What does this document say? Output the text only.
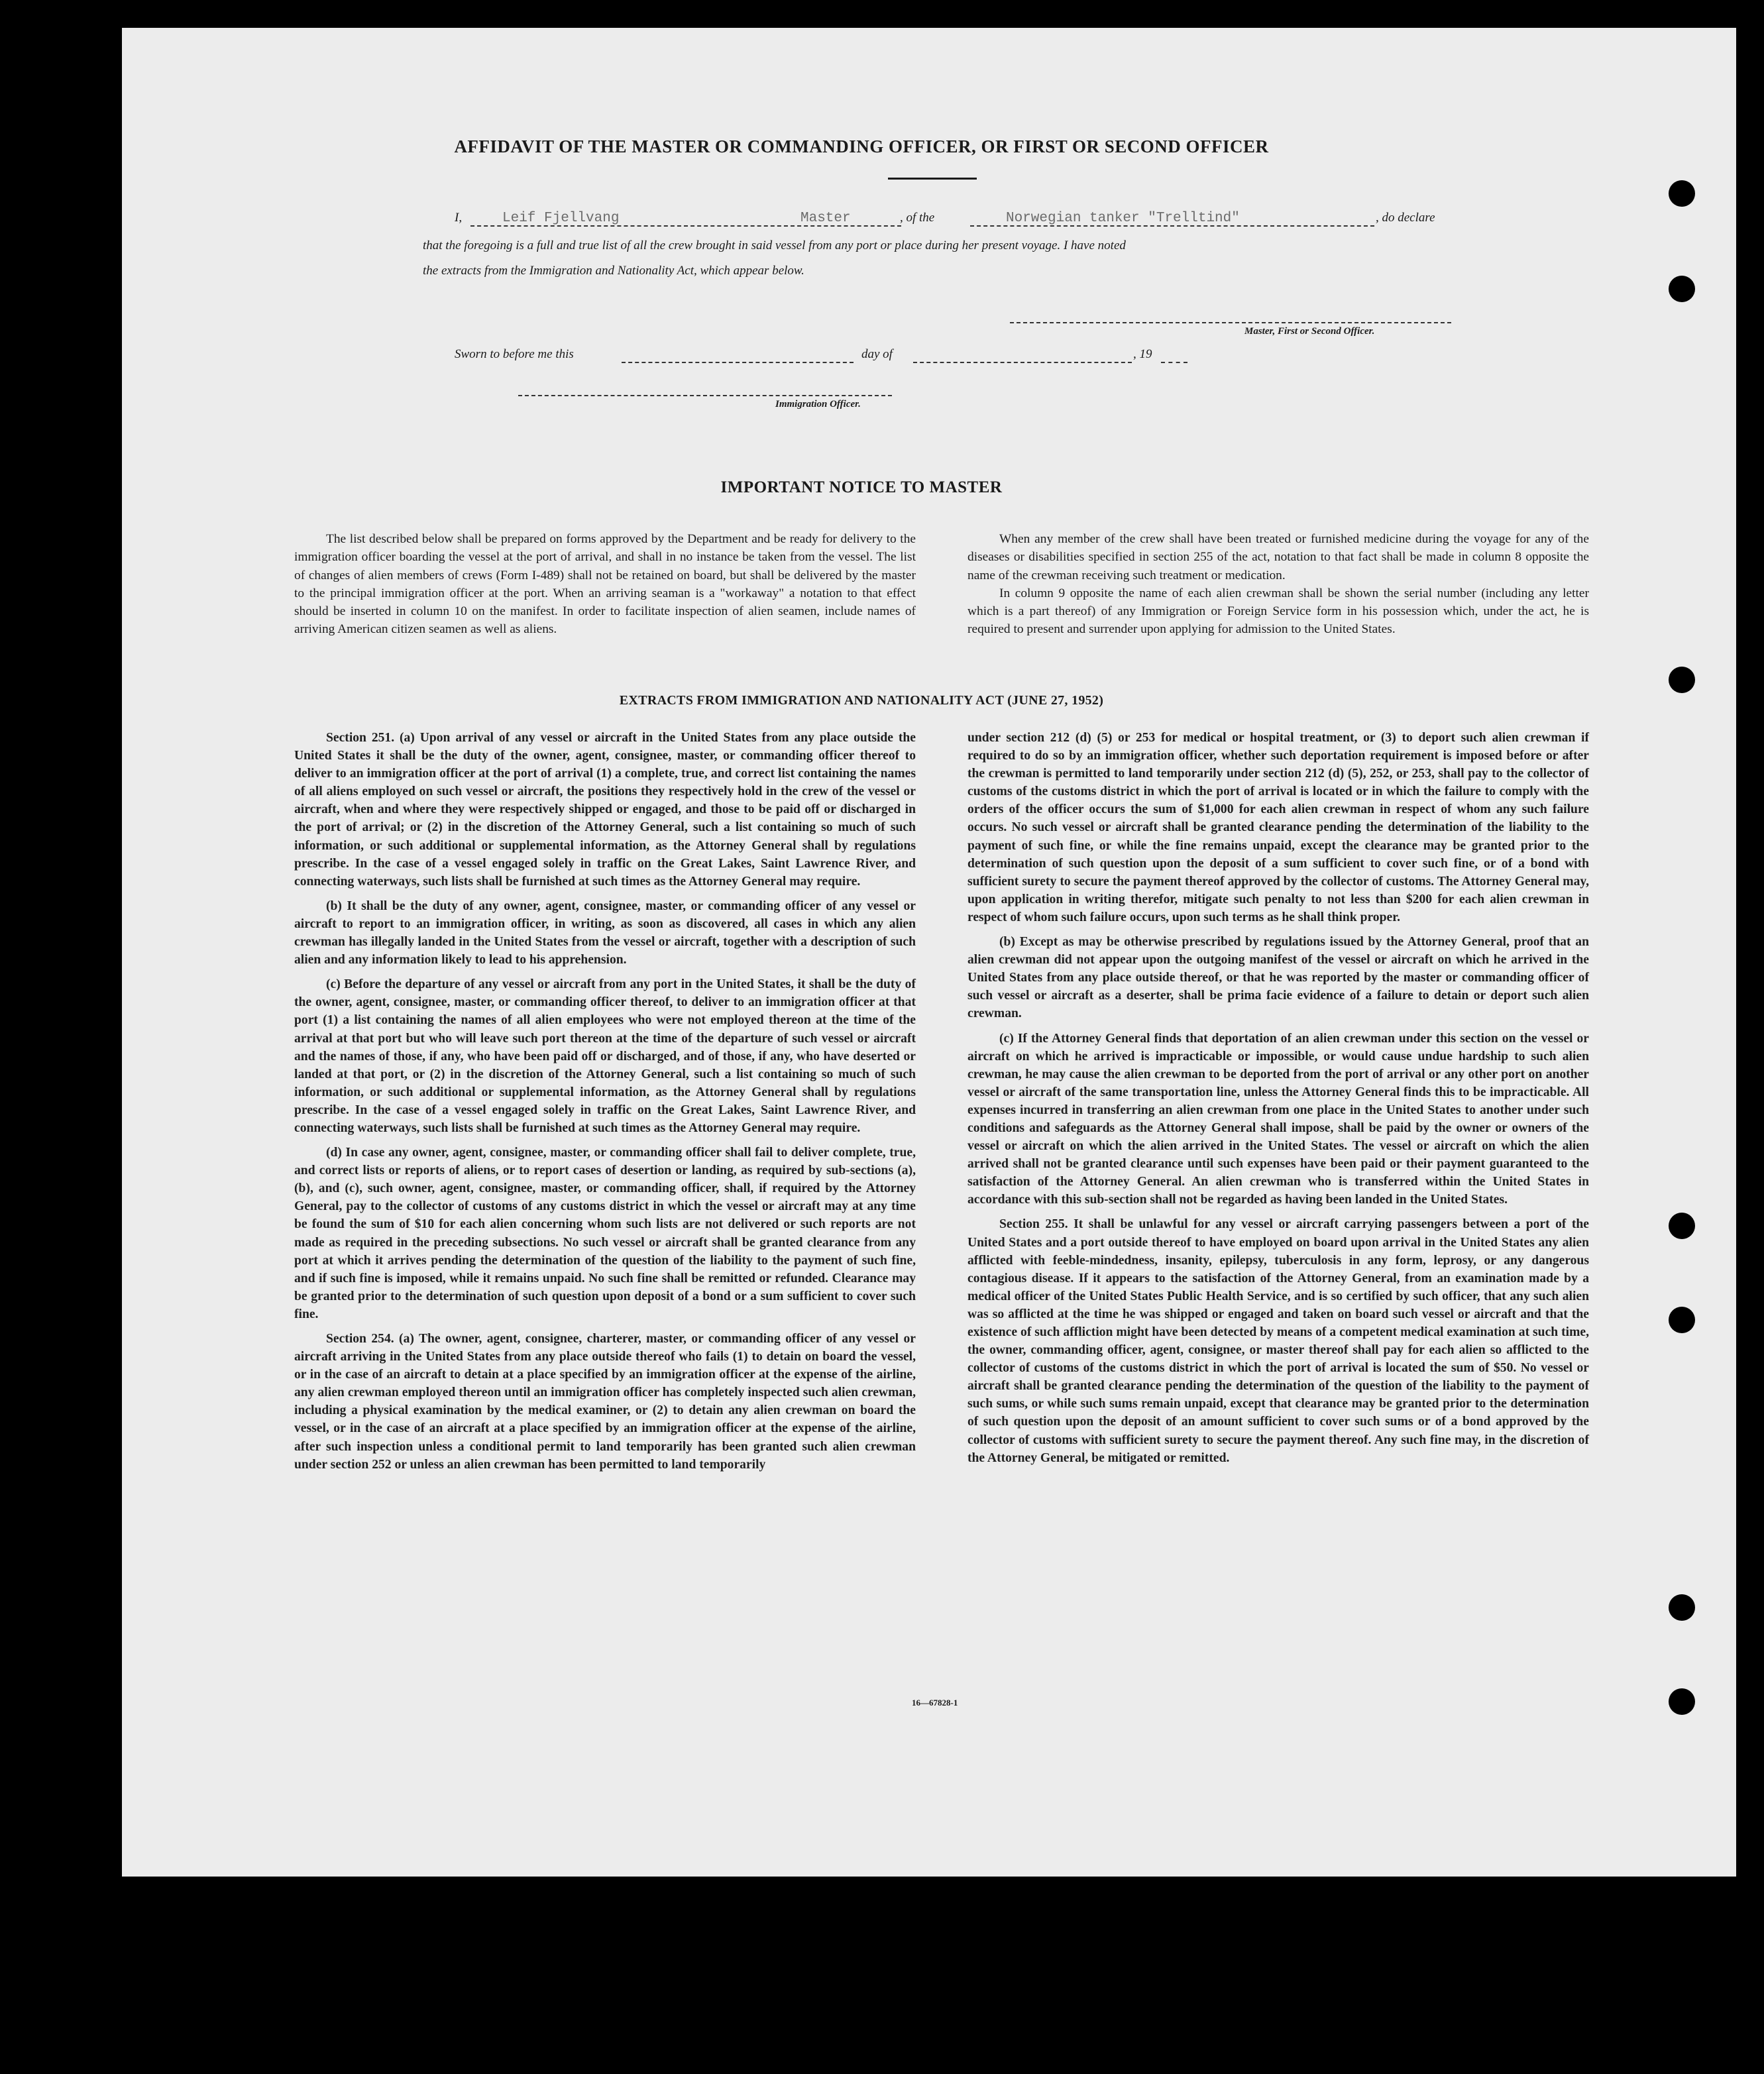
AFFIDAVIT OF THE MASTER OR COMMANDING OFFICER, OR FIRST OR SECOND OFFICER
I,	Leif Fjellvang	Master	, of the	Norwegian tanker "Trelltind"	, do declare
that the foregoing is a full and true list of all the crew brought in said vessel from any port or place during her present voyage. I have noted
the extracts from the Immigration and Nationality Act, which appear below.
Master, First or Second Officer.
Sworn to before me this	day of	, 19
Immigration Officer.
IMPORTANT NOTICE TO MASTER

The list described below shall be prepared on forms approved by the Department and be ready for delivery to the immigration officer boarding the vessel at the port of arrival, and shall in no instance be taken from the vessel. The list of changes of alien members of crews (Form I-489) shall not be retained on board, but shall be delivered by the master to the principal immigration officer at the port. When an arriving seaman is a "workaway" a notation to that effect should be inserted in column 10 on the manifest. In order to facilitate inspection of alien seamen, include names of arriving American citizen seamen as well as aliens.

When any member of the crew shall have been treated or furnished medicine during the voyage for any of the diseases or disabilities specified in section 255 of the act, notation to that fact shall be made in column 8 opposite the name of the crewman receiving such treatment or medication.

In column 9 opposite the name of each alien crewman shall be shown the serial number (including any letter which is a part thereof) of any Immigration or Foreign Service form in his possession which, under the act, he is required to present and surrender upon applying for admission to the United States.

EXTRACTS FROM IMMIGRATION AND NATIONALITY ACT (JUNE 27, 1952)

Section 251. (a) Upon arrival of any vessel or aircraft in the United States from any place outside the United States it shall be the duty of the owner, agent, consignee, master, or commanding officer thereof to deliver to an immigration officer at the port of arrival (1) a complete, true, and correct list containing the names of all aliens employed on such vessel or aircraft, the positions they respectively hold in the crew of the vessel or aircraft, when and where they were respectively shipped or engaged, and those to be paid off or discharged in the port of arrival; or (2) in the discretion of the Attorney General, such a list containing so much of such information, or such additional or supplemental information, as the Attorney General shall by regulations prescribe. In the case of a vessel engaged solely in traffic on the Great Lakes, Saint Lawrence River, and connecting waterways, such lists shall be furnished at such times as the Attorney General may require.

(b) It shall be the duty of any owner, agent, consignee, master, or commanding officer of any vessel or aircraft to report to an immigration officer, in writing, as soon as discovered, all cases in which any alien crewman has illegally landed in the United States from the vessel or aircraft, together with a description of such alien and any information likely to lead to his apprehension.

(c) Before the departure of any vessel or aircraft from any port in the United States, it shall be the duty of the owner, agent, consignee, master, or commanding officer thereof, to deliver to an immigration officer at that port (1) a list containing the names of all alien employees who were not employed thereon at the time of the arrival at that port but who will leave such port thereon at the time of the departure of such vessel or aircraft and the names of those, if any, who have been paid off or discharged, and of those, if any, who have deserted or landed at that port, or (2) in the discretion of the Attorney General, such a list containing so much of such information, or such additional or supplemental information, as the Attorney General shall by regulations prescribe. In the case of a vessel engaged solely in traffic on the Great Lakes, Saint Lawrence River, and connecting waterways, such lists shall be furnished at such times as the Attorney General may require.

(d) In case any owner, agent, consignee, master, or commanding officer shall fail to deliver complete, true, and correct lists or reports of aliens, or to report cases of desertion or landing, as required by sub-sections (a), (b), and (c), such owner, agent, consignee, master, or commanding officer, shall, if required by the Attorney General, pay to the collector of customs of any customs district in which the vessel or aircraft may at any time be found the sum of $10 for each alien concerning whom such lists are not delivered or such reports are not made as required in the preceding subsections. No such vessel or aircraft shall be granted clearance from any port at which it arrives pending the determination of the question of the liability to the payment of such fine, and if such fine is imposed, while it remains unpaid. No such fine shall be remitted or refunded. Clearance may be granted prior to the determination of such question upon deposit of a bond or a sum sufficient to cover such fine.

Section 254. (a) The owner, agent, consignee, charterer, master, or commanding officer of any vessel or aircraft arriving in the United States from any place outside thereof who fails (1) to detain on board the vessel, or in the case of an aircraft to detain at a place specified by an immigration officer at the expense of the airline, any alien crewman employed thereon until an immigration officer has completely inspected such alien crewman, including a physical examination by the medical examiner, or (2) to detain any alien crewman on board the vessel, or in the case of an aircraft at a place specified by an immigration officer at the expense of the airline, after such inspection unless a conditional permit to land temporarily has been granted such alien crewman under section 252 or unless an alien crewman has been permitted to land temporarily

under section 212 (d) (5) or 253 for medical or hospital treatment, or (3) to deport such alien crewman if required to do so by an immigration officer, whether such deportation requirement is imposed before or after the crewman is permitted to land temporarily under section 212 (d) (5), 252, or 253, shall pay to the collector of customs of the customs district in which the port of arrival is located or in which the failure to comply with the orders of the officer occurs the sum of $1,000 for each alien crewman in respect of whom any such failure occurs. No such vessel or aircraft shall be granted clearance pending the determination of the liability to the payment of such fine, or while the fine remains unpaid, except the clearance may be granted prior to the determination of such question upon the deposit of a sum sufficient to cover such fine, or of a bond with sufficient surety to secure the payment thereof approved by the collector of customs. The Attorney General may, upon application in writing therefor, mitigate such penalty to not less than $200 for each alien crewman in respect of whom such failure occurs, upon such terms as he shall think proper.

(b) Except as may be otherwise prescribed by regulations issued by the Attorney General, proof that an alien crewman did not appear upon the outgoing manifest of the vessel or aircraft on which he arrived in the United States from any place outside thereof, or that he was reported by the master or commanding officer of such vessel or aircraft as a deserter, shall be prima facie evidence of a failure to detain or deport such alien crewman.

(c) If the Attorney General finds that deportation of an alien crewman under this section on the vessel or aircraft on which he arrived is impracticable or impossible, or would cause undue hardship to such alien crewman, he may cause the alien crewman to be deported from the port of arrival or any other port on another vessel or aircraft of the same transportation line, unless the Attorney General finds this to be impracticable. All expenses incurred in transferring an alien crewman from one place in the United States to another under such conditions and safeguards as the Attorney General shall impose, shall be paid by the owner or owners of the vessel or aircraft on which the alien arrived in the United States. The vessel or aircraft on which the alien arrived shall not be granted clearance until such expenses have been paid or their payment guaranteed to the satisfaction of the Attorney General. An alien crewman who is transferred within the United States in accordance with this sub-section shall not be regarded as having been landed in the United States.

Section 255. It shall be unlawful for any vessel or aircraft carrying passengers between a port of the United States and a port outside thereof to have employed on board upon arrival in the United States any alien afflicted with feeble-mindedness, insanity, epilepsy, tuberculosis in any form, leprosy, or any dangerous contagious disease. If it appears to the satisfaction of the Attorney General, from an examination made by a medical officer of the United States Public Health Service, and is so certified by such officer, that any such alien was so afflicted at the time he was shipped or engaged and taken on board such vessel or aircraft and that the existence of such affliction might have been detected by means of a competent medical examination at such time, the owner, commanding officer, agent, consignee, or master thereof shall pay for each alien so afflicted to the collector of customs of the customs district in which the port of arrival is located the sum of $50. No vessel or aircraft shall be granted clearance pending the determination of the question of the liability to the payment of such sums, or while such sums remain unpaid, except that clearance may be granted prior to the determination of such question upon the deposit of an amount sufficient to cover such sums or of a bond approved by the collector of customs with sufficient surety to secure the payment thereof. Any such fine may, in the discretion of the Attorney General, be mitigated or remitted.

16—67828-1
